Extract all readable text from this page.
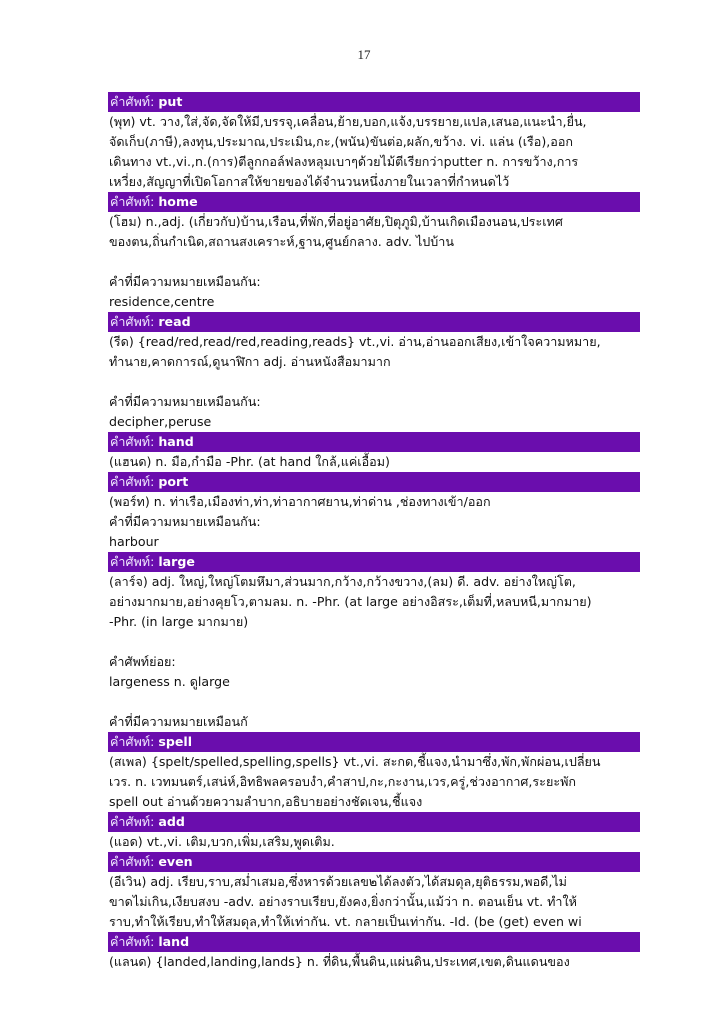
17
คำศัพท์: put
(พุท) vt. วาง,ใส่,จัด,จัดให้มี,บรรจุ,เคลื่อน,ย้าย,บอก,แจ้ง,บรรยาย,แปล,เสนอ,แนะนำ,ยื่น,
จัดเก็บ(ภาษี),ลงทุน,ประมาณ,ประเมิน,กะ,(พนัน)ขันต่อ,ผลัก,ขว้าง. vi. แล่น (เรือ),ออก
เดินทาง vt.,vi.,n.(การ)ตีลูกกอล์ฟลงหลุมเบาๆด้วยไม้ตีเรียกว่าputter n. การขว้าง,การ
เหวี่ยง,สัญญาที่เปิดโอกาสให้ขายของได้จำนวนหนึ่งภายในเวลาที่กำหนดไว้
คำศัพท์: home
(โฮม) n.,adj. (เกี่ยวกับ)บ้าน,เรือน,ที่พัก,ที่อยู่อาศัย,ปิตุภูมิ,บ้านเกิดเมืองนอน,ประเทศ
ของตน,ถิ่นกำเนิด,สถานสงเคราะห์,ฐาน,ศูนย์กลาง. adv. ไปบ้าน

คำที่มีความหมายเหมือนกัน:
residence,centre
คำศัพท์: read
(รีด) {read/red,read/red,reading,reads} vt.,vi. อ่าน,อ่านออกเสียง,เข้าใจความหมาย,
ทำนาย,คาดการณ์,ดูนาฬิกา adj. อ่านหนังสือมามาก

คำที่มีความหมายเหมือนกัน:
decipher,peruse
คำศัพท์: hand
(แฮนด) n. มือ,กำมือ -Phr. (at hand ใกล้,แค่เอื้อม)
คำศัพท์: port
(พอร์ท) n. ท่าเรือ,เมืองท่า,ท่า,ท่าอากาศยาน,ท่าด่าน ,ช่องทางเข้า/ออก
คำที่มีความหมายเหมือนกัน:
harbour
คำศัพท์: large
(ลาร์จ) adj. ใหญ่,ใหญ่โตมหึมา,ส่วนมาก,กว้าง,กว้างขวาง,(ลม) ดี. adv. อย่างใหญ่โต,
อย่างมากมาย,อย่างคุยโว,ตามลม. n. -Phr. (at large อย่างอิสระ,เต็มที่,หลบหนี,มากมาย)
-Phr. (in large มากมาย)

คำศัพท์ย่อย:
largeness n. ดูlarge

คำที่มีความหมายเหมือนกั
คำศัพท์: spell
(สเพล) {spelt/spelled,spelling,spells} vt.,vi. สะกด,ชี้แจง,นำมาซึ่ง,พัก,พักผ่อน,เปลี่ยน
เวร. n. เวทมนตร์,เสน่ห์,อิทธิพลครอบงำ,คำสาป,กะ,กะงาน,เวร,ครู่,ช่วงอากาศ,ระยะพัก
spell out อ่านด้วยความลำบาก,อธิบายอย่างชัดเจน,ชี้แจง
คำศัพท์: add
(แอด) vt.,vi. เติม,บวก,เพิ่ม,เสริม,พูดเติม.
คำศัพท์: even
(อีเวิน) adj. เรียบ,ราบ,สม่ำเสมอ,ซึ่งหารด้วยเลข๒ได้ลงตัว,ได้สมดุล,ยุติธรรม,พอดี,ไม่
ขาดไม่เกิน,เงียบสงบ -adv. อย่างราบเรียบ,ยังคง,ยิ่งกว่านั้น,แม้ว่า n. ตอนเย็น vt. ทำให้
ราบ,ทำให้เรียบ,ทำให้สมดุล,ทำให้เท่ากัน. vt. กลายเป็นเท่ากัน. -Id. (be (get) even wi
คำศัพท์: land
(แลนด) {landed,landing,lands} n. ที่ดิน,พื้นดิน,แผ่นดิน,ประเทศ,เขต,ดินแดนของ
